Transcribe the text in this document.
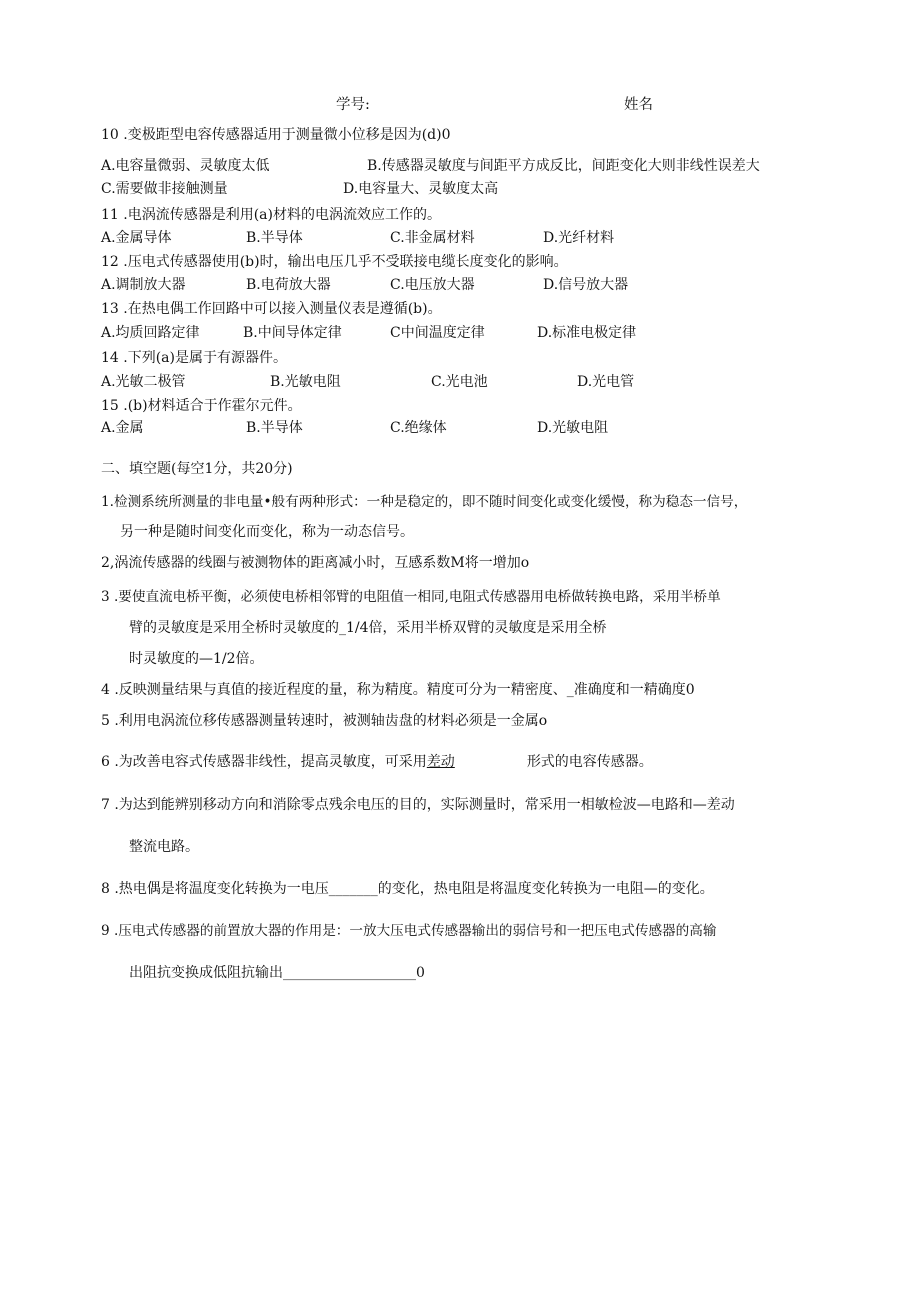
学号:	姓名
10 .变极距型电容传感器适用于测量微小位移是因为(d)0
A.电容量微弱、灵敏度太低	B.传感器灵敏度与间距平方成反比，间距变化大则非线性误差大
C.需要做非接触测量	D.电容量大、灵敏度太高
11 .电涡流传感器是利用(a)材料的电涡流效应工作的。
A.金属导体	B.半导体	C.非金属材料	D.光纤材料
12 .压电式传感器使用(b)时，输出电压几乎不受联接电缆长度变化的影响。
A.调制放大器	B.电荷放大器	C.电压放大器	D.信号放大器
13 .在热电偶工作回路中可以接入测量仪表是遵循(b)。
A.均质回路定律	B.中间导体定律	C中间温度定律	D.标准电极定律
14 .下列(a)是属于有源器件。
A.光敏二极管	B.光敏电阻	C.光电池	D.光电管
15 .(b)材料适合于作霍尔元件。
A.金属	B.半导体	C.绝缘体	D.光敏电阻
二、填空题(每空1分，共20分)
1.检测系统所测量的非电量•般有两种形式：一种是稳定的，即不随时间变化或变化缓慢，称为稳态一信号，
另一种是随时间变化而变化，称为一动态信号。
2,涡流传感器的线圈与被测物体的距离减小时，互感系数M将一增加o
3 .要使直流电桥平衡，必须使电桥相邻臂的电阻值一相同,电阻式传感器用电桥做转换电路，采用半桥单
臂的灵敏度是采用全桥时灵敏度的_1/4倍，采用半桥双臂的灵敏度是采用全桥
时灵敏度的—1/2倍。
4 .反映测量结果与真值的接近程度的量，称为精度。精度可分为一精密度、_准确度和一精确度0
5 .利用电涡流位移传感器测量转速时，被测轴齿盘的材料必须是一金属o
6 .为改善电容式传感器非线性，提高灵敏度，可采用差动	形式的电容传感器。
7 .为达到能辨别移动方向和消除零点残余电压的目的，实际测量时，常采用一相敏检波—电路和—差动
整流电路。
8 .热电偶是将温度变化转换为一电压_______的变化，热电阻是将温度变化转换为一电阻—的变化。
9 .压电式传感器的前置放大器的作用是：一放大压电式传感器输出的弱信号和一把压电式传感器的高输
出阻抗变换成低阻抗输出___________________0
